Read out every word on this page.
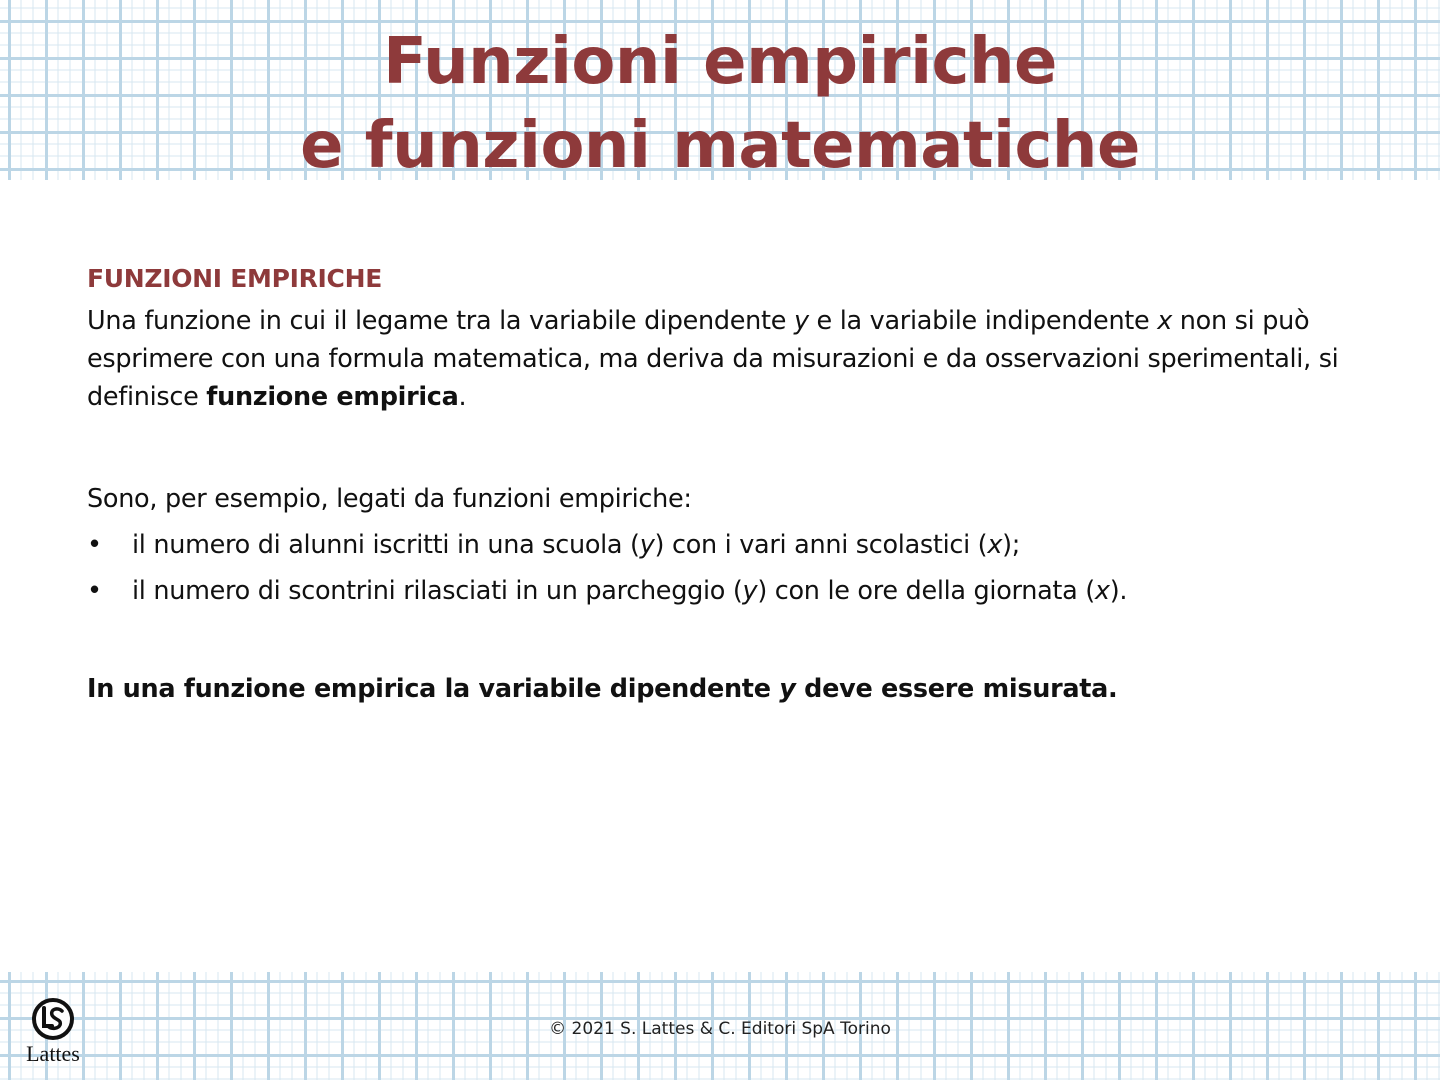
Funzioni empiriche
e funzioni matematiche
FUNZIONI EMPIRICHE

Una funzione in cui il legame tra la variabile dipendente y e la variabile indipendente x non si può esprimere con una formula matematica, ma deriva da misurazioni e da osservazioni sperimentali, si definisce funzione empirica.

Sono, per esempio, legati da funzioni empiriche:

• il numero di alunni iscritti in una scuola (y) con i vari anni scolastici (x);
• il numero di scontrini rilasciati in un parcheggio (y) con le ore della giornata (x).

In una funzione empirica la variabile dipendente y deve essere misurata.

Lattes
© 2021 S. Lattes & C. Editori SpA Torino
